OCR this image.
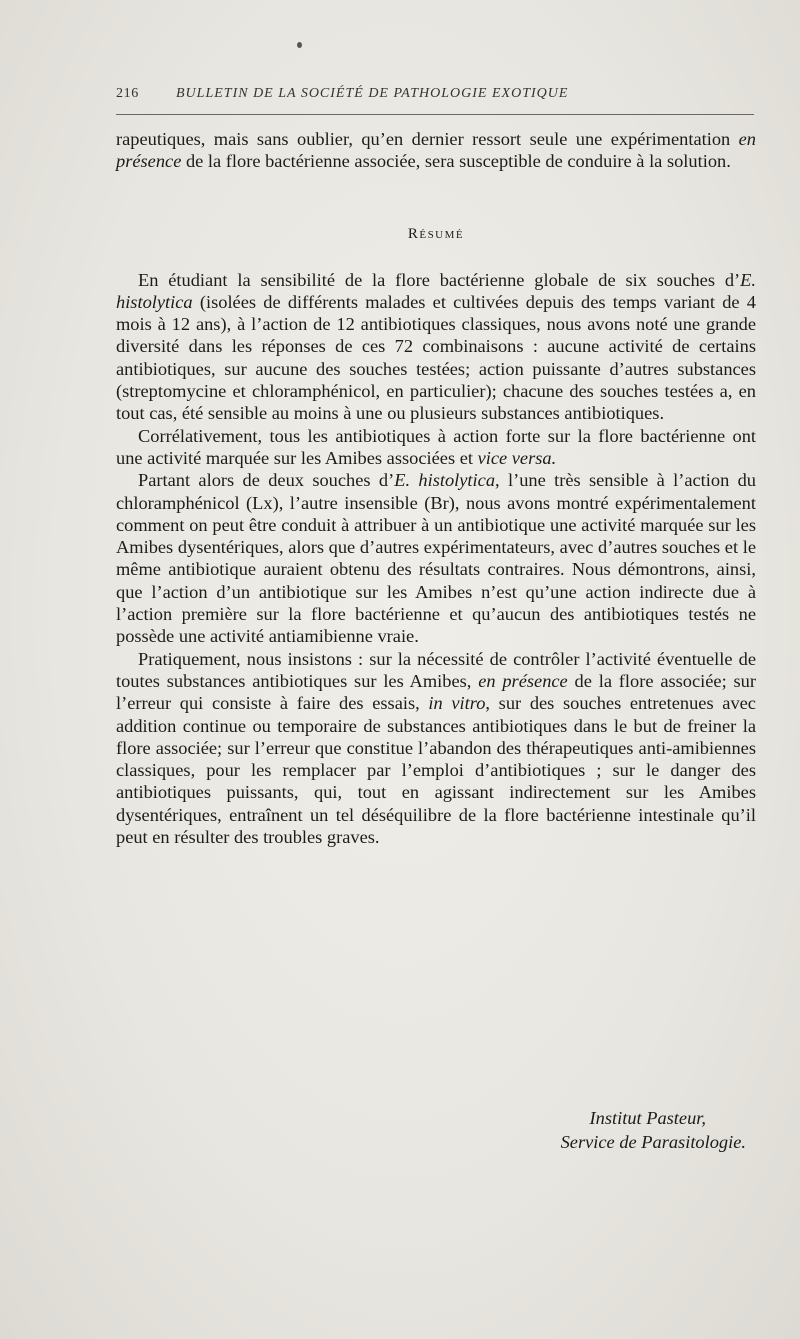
216	BULLETIN DE LA SOCIÉTÉ DE PATHOLOGIE EXOTIQUE

rapeutiques, mais sans oublier, qu’en dernier ressort seule une expérimentation en présence de la flore bactérienne associée, sera susceptible de conduire à la solution.

Résumé

En étudiant la sensibilité de la flore bactérienne globale de six souches d’E. histolytica (isolées de différents malades et cultivées depuis des temps variant de 4 mois à 12 ans), à l’action de 12 antibiotiques classiques, nous avons noté une grande diversité dans les réponses de ces 72 combinaisons : aucune activité de certains antibiotiques, sur aucune des souches testées; action puissante d’autres substances (streptomycine et chloramphénicol, en particulier); chacune des souches testées a, en tout cas, été sensible au moins à une ou plusieurs substances antibiotiques.

Corrélativement, tous les antibiotiques à action forte sur la flore bactérienne ont une activité marquée sur les Amibes associées et vice versa.

Partant alors de deux souches d’E. histolytica, l’une très sensible à l’action du chloramphénicol (Lx), l’autre insensible (Br), nous avons montré expérimentalement comment on peut être conduit à attribuer à un antibiotique une activité marquée sur les Amibes dysentériques, alors que d’autres expérimentateurs, avec d’autres souches et le même antibiotique auraient obtenu des résultats contraires. Nous démontrons, ainsi, que l’action d’un antibiotique sur les Amibes n’est qu’une action indirecte due à l’action première sur la flore bactérienne et qu’aucun des antibiotiques testés ne possède une activité antiamibienne vraie.

Pratiquement, nous insistons : sur la nécessité de contrôler l’activité éventuelle de toutes substances antibiotiques sur les Amibes, en présence de la flore associée; sur l’erreur qui consiste à faire des essais, in vitro, sur des souches entretenues avec addition continue ou temporaire de substances antibiotiques dans le but de freiner la flore associée; sur l’erreur que constitue l’abandon des thérapeutiques anti-amibiennes classiques, pour les remplacer par l’emploi d’antibiotiques ; sur le danger des antibiotiques puissants, qui, tout en agissant indirectement sur les Amibes dysentériques, entraînent un tel déséquilibre de la flore bactérienne intestinale qu’il peut en résulter des troubles graves.

Institut Pasteur,
Service de Parasitologie.
